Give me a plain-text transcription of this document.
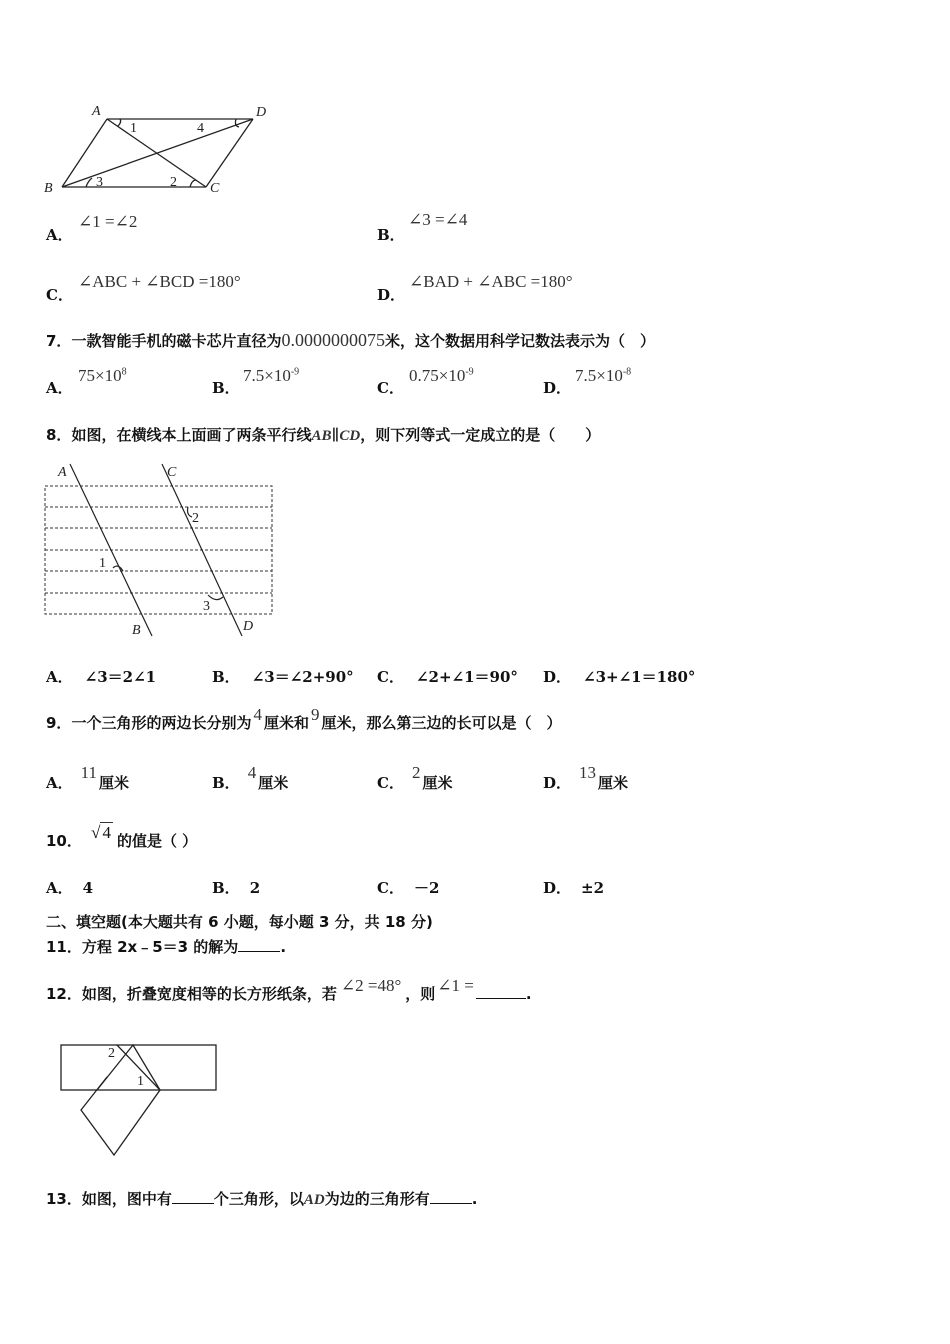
A	D
B	C
1	4
3	2
A．
∠1 =∠2
B．
∠3 =∠4
C．
∠ABC + ∠BCD =180°
D．
∠BAD + ∠ABC =180°
7．一款智能手机的磁卡芯片直径为0.0000000075米，这个数据用科学记数法表示为（　）
A．
$75\times 10^8$
B．
$7.5\times 10^{-9}$
C．
$0.75\times 10^{-9}$
D．
$7.5\times 10^{-8}$
8．如图，在横线本上面画了两条平行线AB∥CD，则下列等式一定成立的是（　　）
A	C
B	D
1
2
3
A． ∠3＝2∠1	B． ∠3＝∠2+90° C． ∠2+∠1＝90° D． ∠3+∠1＝180°
9．一个三角形的两边长分别为 4 厘米和 9 厘米，那么第三边的长可以是（　）
A．11厘米	B．4厘米	C．2厘米	D．13厘米
10． √ 4 的值是（ ）
A． 4	B． 2	C． －2	D． ±2
二、填空题(本大题共有 6 小题，每小题 3 分，共 18 分)
11．方程 2x﹣5＝3 的解为	.
12．如图，折叠宽度相等的长方形纸条，若 ∠2 =48° ，则 ∠1 =	.
2
1
13．如图，图中有	个三角形，以AD为边的三角形有	.
